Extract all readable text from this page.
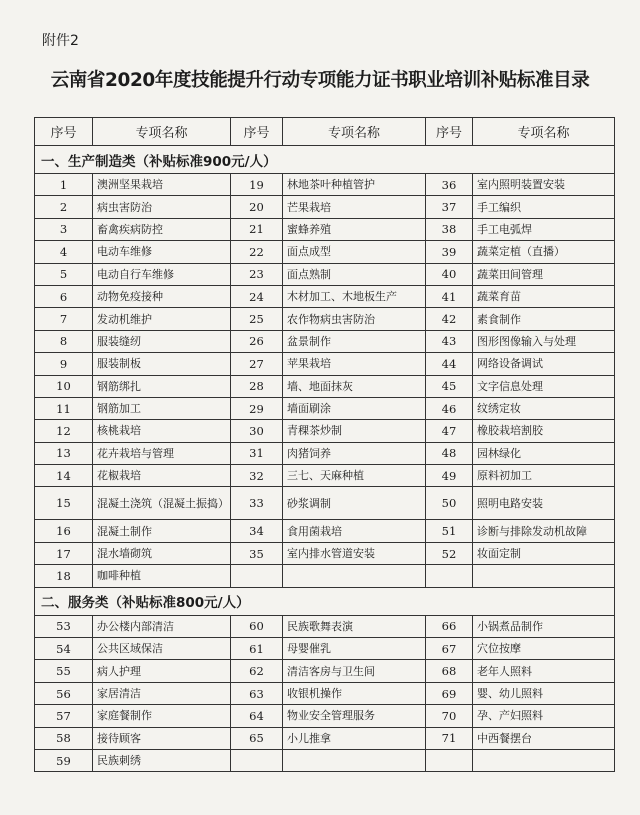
附件2
云南省2020年度技能提升行动专项能力证书职业培训补贴标准目录
序号	专项名称	序号	专项名称	序号	专项名称
一、生产制造类（补贴标准900元/人）					
1	澳洲坚果栽培	19	林地茶叶种植管护	36	室内照明装置安装
2	病虫害防治	20	芒果栽培	37	手工编织
3	畜禽疾病防控	21	蜜蜂养殖	38	手工电弧焊
4	电动车维修	22	面点成型	39	蔬菜定植（直播）
5	电动自行车维修	23	面点熟制	40	蔬菜田间管理
6	动物免疫接种	24	木材加工、木地板生产	41	蔬菜育苗
7	发动机维护	25	农作物病虫害防治	42	素食制作
8	服装缝纫	26	盆景制作	43	图形图像输入与处理
9	服装制板	27	苹果栽培	44	网络设备调试
10	钢筋绑扎	28	墙、地面抹灰	45	文字信息处理
11	钢筋加工	29	墙面刷涂	46	纹绣定妆
12	核桃栽培	30	青稞茶炒制	47	橡胶栽培割胶
13	花卉栽培与管理	31	肉猪饲养	48	园林绿化
14	花椒栽培	32	三七、天麻种植	49	原料初加工
15	混凝土浇筑（混凝土振捣）	33	砂浆调制	50	照明电路安装
16	混凝土制作	34	食用菌栽培	51	诊断与排除发动机故障
17	混水墙砌筑	35	室内排水管道安装	52	妆面定制
18	咖啡种植				
二、服务类（补贴标准800元/人）					
53	办公楼内部清洁	60	民族歌舞表演	66	小锅煮品制作
54	公共区域保洁	61	母婴催乳	67	穴位按摩
55	病人护理	62	清洁客房与卫生间	68	老年人照料
56	家居清洁	63	收银机操作	69	婴、幼儿照料
57	家庭餐制作	64	物业安全管理服务	70	孕、产妇照料
58	接待顾客	65	小儿推拿	71	中西餐摆台
59	民族刺绣				
